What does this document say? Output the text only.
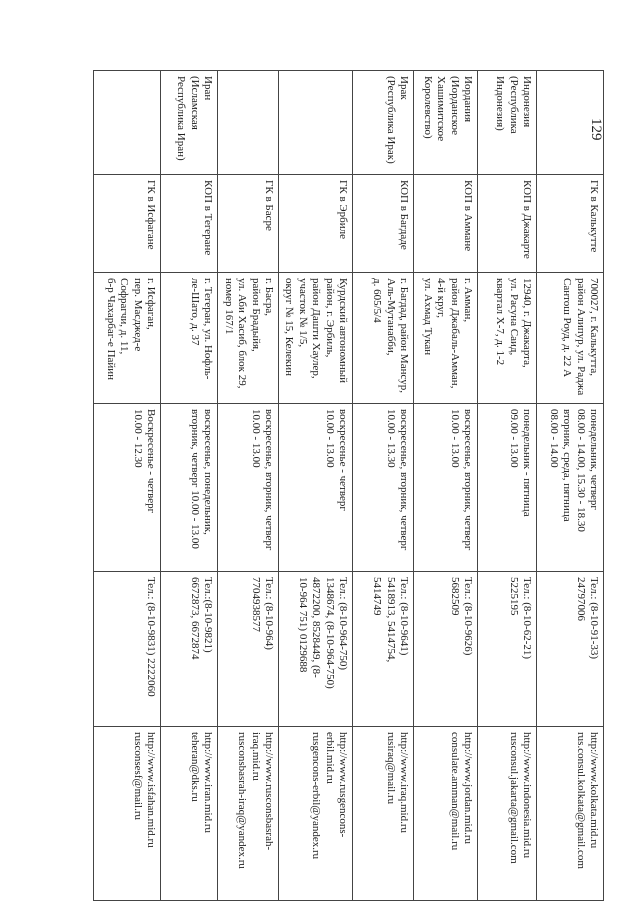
129

	ГК в Калькутте	700027, г. Калькутта,
район Алипур, ул. Раджа
Сантош Роуд, д. 22 А	понедельник, четверг
08.00 - 14.00, 15.30 - 18.30
вторник, среда, пятница
08.00 - 14.00	Тел.: (8-10-91-33)
24797006	http://www.kolkata.mid.ru
rus.consul.kolkata@gmail.com

Индонезия
(Республика
Индонезия)	КОП в Джакарте	12940, г. Джакарта,
ул. Расуна Саид,
квартал X-7, д. 1-2	понедельник - пятница
09.00 - 13.00	Тел.: (8-10-62-21)
5225195	http://www.indonesia.mid.ru
rusconsul.jakarta@gmail.com

Иордания
(Иорданское
Хашимитское
Королевство)	КОП в Аммане	г. Амман,
район Джабаль-Амман,
4-й круг,
ул. Ахмад Тукан	воскресенье, вторник, четверг
10.00 - 13.00	Тел.: (8-10-9626)
5682509	http://www.jordan.mid.ru
consulate.amman@mail.ru

Ирак
(Республика Ирак)	КОП в Багдаде	г. Багдад, район Мансур,
Аль-Мутанабби,
д. 605/5/4	воскресенье, вторник, четверг
10.00 - 13.30	Тел.: (8-10-9641)
5418913, 5414754,
5414749	http://www.iraq.mid.ru
rusiraq@mail.ru

	ГК в Эрбиле	Курдский автономный
район, г. Эрбиль,
район Дашти Хаулер,
участок № 1/5,
округ № 15, Келекин	воскресенье - четверг
10.00 - 13.00	Тел.: (8-10-964-750)
1348674, (8-10-964-750)
4872200, 8528449, (8-
10-964 751) 0129688	http://www.rusgencons-
erbil.mid.ru
rusgencons-erbil@yandex.ru

	ГК в Басре	г. Басра,
район Брадыйя,
ул. Аби Хасиб, блок 29,
номер 167/1	воскресенье, вторник, четверг
10.00 - 13.00	Тел.: (8-10-964)
7704938577	http://www.rusconsbasrah-
iraq.mid.ru
rusconsbasrah-iraq@yandex.ru

Иран
(Исламская
Республика Иран)	КОП в Тегеране	г. Тегеран, ул. Нофль-
ле-Шато, д. 37	воскресенье, понедельник,
вторник, четверг 10.00 - 13.00	Тел.:(8-10-9821)
6672873, 6672874	http://www.iran.mid.ru
teheran@dks.ru

	ГК в Исфагане	г. Исфаган,
пер. Масджед-е
Софрагчи, д. 11,
б-р Чахарбаг-е Пайин	Воскресенье - четверг
10.00 - 12.30	Тел.: (8-10-9831) 2222060	http://www.isfahan.mid.ru
rusconsesf@mail.ru
